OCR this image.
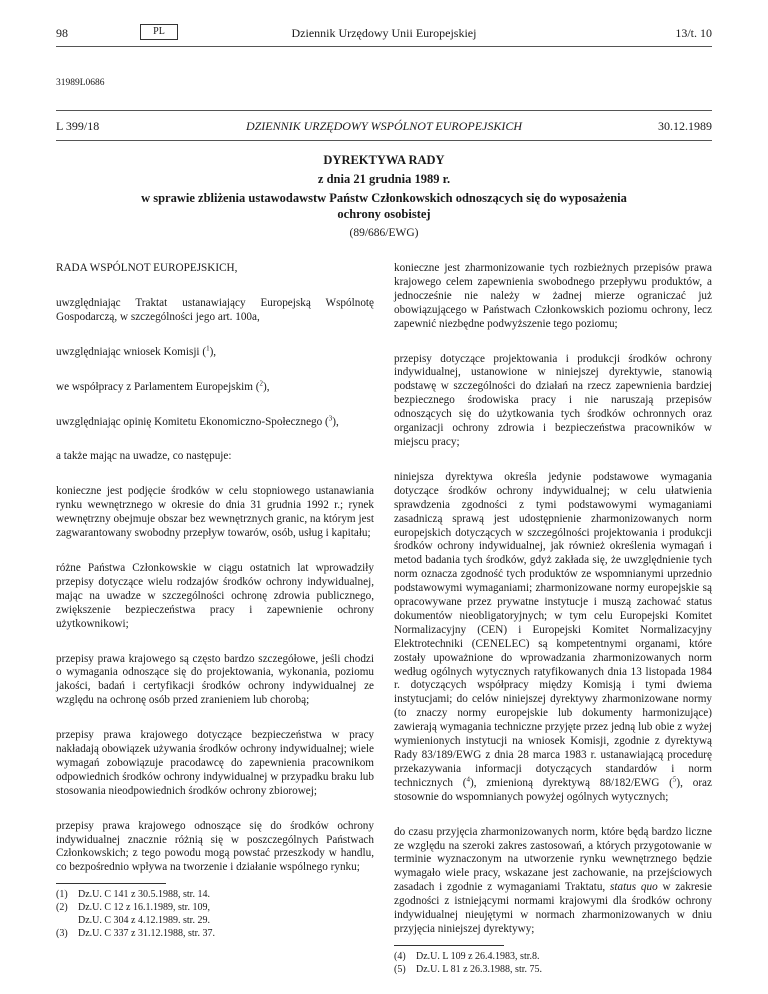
98	PL	Dziennik Urzędowy Unii Europejskiej	13/t. 10
31989L0686
L 399/18	DZIENNIK URZĘDOWY WSPÓLNOT EUROPEJSKICH	30.12.1989
DYREKTYWA RADY
z dnia 21 grudnia 1989 r.
w sprawie zbliżenia ustawodawstw Państw Członkowskich odnoszących się do wyposażenia
ochrony osobistej
(89/686/EWG)

RADA WSPÓLNOT EUROPEJSKICH,

uwzględniając Traktat ustanawiający Europejską Wspólnotę Gospodarczą, w szczególności jego art. 100a,

uwzględniając wniosek Komisji ($^1$),

we współpracy z Parlamentem Europejskim ($^2$),

uwzględniając opinię Komitetu Ekonomiczno-Społecznego ($^3$),

a także mając na uwadze, co następuje:

konieczne jest podjęcie środków w celu stopniowego ustanawiania rynku wewnętrznego w okresie do dnia 31 grudnia 1992 r.; rynek wewnętrzny obejmuje obszar bez wewnętrznych granic, na którym jest zagwarantowany swobodny przepływ towarów, osób, usług i kapitału;

różne Państwa Członkowskie w ciągu ostatnich lat wprowadziły przepisy dotyczące wielu rodzajów środków ochrony indywidualnej, mając na uwadze w szczególności ochronę zdrowia publicznego, zwiększenie bezpieczeństwa pracy i zapewnienie ochrony użytkownikowi;

przepisy prawa krajowego są często bardzo szczegółowe, jeśli chodzi o wymagania odnoszące się do projektowania, wykonania, poziomu jakości, badań i certyfikacji środków ochrony indywidualnej ze względu na ochronę osób przed zranieniem lub chorobą;

przepisy prawa krajowego dotyczące bezpieczeństwa w pracy nakładają obowiązek używania środków ochrony indywidualnej; wiele wymagań zobowiązuje pracodawcę do zapewnienia pracownikom odpowiednich środków ochrony indywidualnej w przypadku braku lub stosowania nieodpowiednich środków ochrony zbiorowej;

przepisy prawa krajowego odnoszące się do środków ochrony indywidualnej znacznie różnią się w poszczególnych Państwach Członkowskich; z tego powodu mogą powstać przeszkody w handlu, co bezpośrednio wpływa na tworzenie i działanie wspólnego rynku;

(1)	Dz.U. C 141 z 30.5.1988, str. 14.
(2)	Dz.U. C 12 z 16.1.1989, str. 109,
Dz.U. C 304 z 4.12.1989. str. 29.
(3)	Dz.U. C 337 z 31.12.1988, str. 37.

konieczne jest zharmonizowanie tych rozbieżnych przepisów prawa krajowego celem zapewnienia swobodnego przepływu produktów, a jednocześnie nie należy w żadnej mierze ograniczać już obowiązującego w Państwach Członkowskich poziomu ochrony, lecz zapewnić niezbędne podwyższenie tego poziomu;

przepisy dotyczące projektowania i produkcji środków ochrony indywidualnej, ustanowione w niniejszej dyrektywie, stanowią podstawę w szczególności do działań na rzecz zapewnienia bardziej bezpiecznego środowiska pracy i nie naruszają przepisów odnoszących się do użytkowania tych środków ochronnych oraz organizacji ochrony zdrowia i bezpieczeństwa pracowników w miejscu pracy;

niniejsza dyrektywa określa jedynie podstawowe wymagania dotyczące środków ochrony indywidualnej; w celu ułatwienia sprawdzenia zgodności z tymi podstawowymi wymaganiami zasadniczą sprawą jest udostępnienie zharmonizowanych norm europejskich dotyczących w szczególności projektowania i produkcji środków ochrony indywidualnej, jak również określenia wymagań i metod badania tych środków, gdyż zakłada się, że uwzględnienie tych norm oznacza zgodność tych produktów ze wspomnianymi uprzednio podstawowymi wymaganiami; zharmonizowane normy europejskie są opracowywane przez prywatne instytucje i muszą zachować status dokumentów nieobligatoryjnych; w tym celu Europejski Komitet Normalizacyjny (CEN) i Europejski Komitet Normalizacyjny Elektrotechniki (CENELEC) są kompetentnymi organami, które zostały upoważnione do wprowadzania zharmonizowanych norm według ogólnych wytycznych ratyfikowanych dnia 13 listopada 1984 r. dotyczących współpracy między Komisją i tymi dwiema instytucjami; do celów niniejszej dyrektywy zharmonizowane normy (to znaczy normy europejskie lub dokumenty harmonizujące) zawierają wymagania techniczne przyjęte przez jedną lub obie z wyżej wymienionych instytucji na wniosek Komisji, zgodnie z dyrektywą Rady 83/189/EWG z dnia 28 marca 1983 r. ustanawiającą procedurę przekazywania informacji dotyczących standardów i norm technicznych ($^4$), zmienioną dyrektywą 88/182/EWG ($^5$), oraz stosownie do wspomnianych powyżej ogólnych wytycznych;

do czasu przyjęcia zharmonizowanych norm, które będą bardzo liczne ze względu na szeroki zakres zastosowań, a których przygotowanie w terminie wyznaczonym na utworzenie rynku wewnętrznego będzie wymagało wiele pracy, wskazane jest zachowanie, na przejściowych zasadach i zgodnie z wymaganiami Traktatu, status quo w zakresie zgodności z istniejącymi normami krajowymi dla środków ochrony indywidualnej nieujętymi w normach zharmonizowanych w dniu przyjęcia niniejszej dyrektywy;

(4)	Dz.U. L 109 z 26.4.1983, str.8.
(5)	Dz.U. L 81 z 26.3.1988, str. 75.
